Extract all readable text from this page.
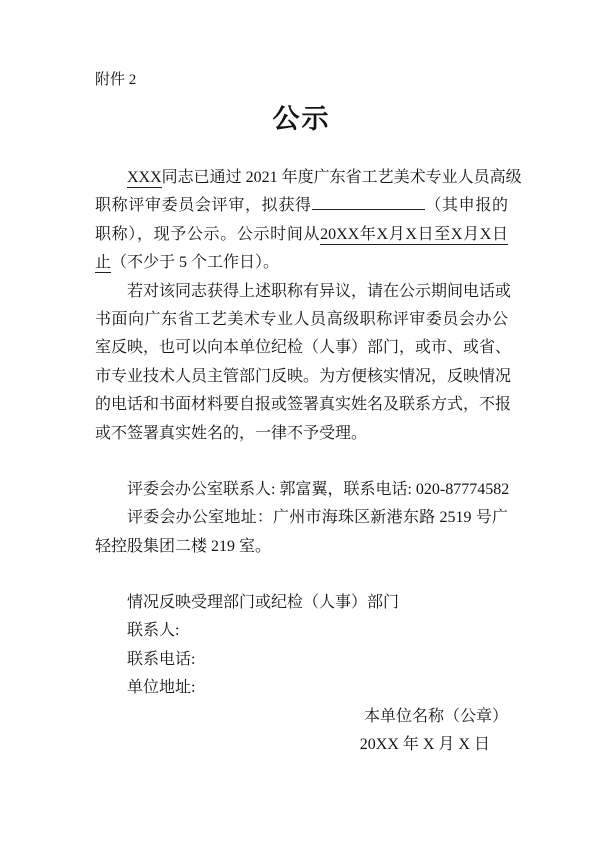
附件 2
公示
XXX同志已通过 2021 年度广东省工艺美术专业人员高级
职称评审委员会评审，拟获得	（其申报的
职称），现予公示。公示时间从20XX年X月X日至X月X日
止（不少于 5 个工作日）。
若对该同志获得上述职称有异议，请在公示期间电话或
书面向广东省工艺美术专业人员高级职称评审委员会办公
室反映，也可以向本单位纪检（人事）部门，或市、或省、
市专业技术人员主管部门反映。为方便核实情况，反映情况
的电话和书面材料要自报或签署真实姓名及联系方式，不报
或不签署真实姓名的，一律不予受理。
评委会办公室联系人: 郭富翼，联系电话: 020-87774582
评委会办公室地址：广州市海珠区新港东路 2519 号广
轻控股集团二楼 219 室。
情况反映受理部门或纪检（人事）部门
联系人:
联系电话:
单位地址:
本单位名称（公章）
20XX 年 X 月 X 日
